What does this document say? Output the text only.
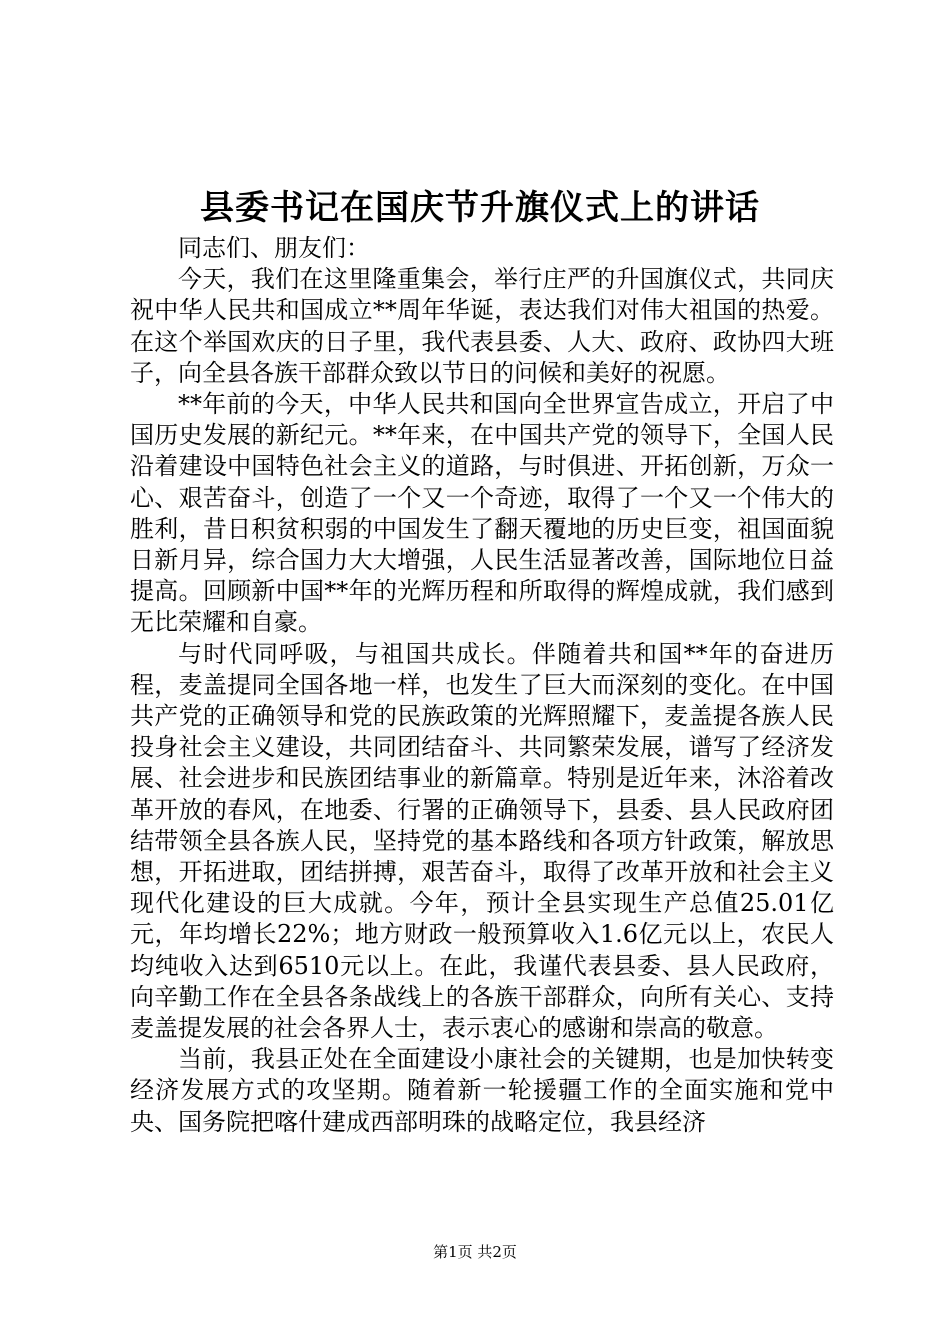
县委书记在国庆节升旗仪式上的讲话

同志们、朋友们：

今天，我们在这里隆重集会，举行庄严的升国旗仪式，共同庆祝中华人民共和国成立**周年华诞，表达我们对伟大祖国的热爱。在这个举国欢庆的日子里，我代表县委、人大、政府、政协四大班子，向全县各族干部群众致以节日的问候和美好的祝愿。

**年前的今天，中华人民共和国向全世界宣告成立，开启了中国历史发展的新纪元。**年来，在中国共产党的领导下，全国人民沿着建设中国特色社会主义的道路，与时俱进、开拓创新，万众一心、艰苦奋斗，创造了一个又一个奇迹，取得了一个又一个伟大的胜利，昔日积贫积弱的中国发生了翻天覆地的历史巨变，祖国面貌日新月异，综合国力大大增强，人民生活显著改善，国际地位日益提高。回顾新中国**年的光辉历程和所取得的辉煌成就，我们感到无比荣耀和自豪。

与时代同呼吸，与祖国共成长。伴随着共和国**年的奋进历程，麦盖提同全国各地一样，也发生了巨大而深刻的变化。在中国共产党的正确领导和党的民族政策的光辉照耀下，麦盖提各族人民投身社会主义建设，共同团结奋斗、共同繁荣发展，谱写了经济发展、社会进步和民族团结事业的新篇章。特别是近年来，沐浴着改革开放的春风，在地委、行署的正确领导下，县委、县人民政府团结带领全县各族人民，坚持党的基本路线和各项方针政策，解放思想，开拓进取，团结拼搏，艰苦奋斗，取得了改革开放和社会主义现代化建设的巨大成就。今年，预计全县实现生产总值25.01亿元，年均增长22%；地方财政一般预算收入1.6亿元以上，农民人均纯收入达到6510元以上。在此，我谨代表县委、县人民政府，向辛勤工作在全县各条战线上的各族干部群众，向所有关心、支持麦盖提发展的社会各界人士，表示衷心的感谢和崇高的敬意。

当前，我县正处在全面建设小康社会的关键期，也是加快转变经济发展方式的攻坚期。随着新一轮援疆工作的全面实施和党中央、国务院把喀什建成西部明珠的战略定位，我县经济

第1页 共2页
